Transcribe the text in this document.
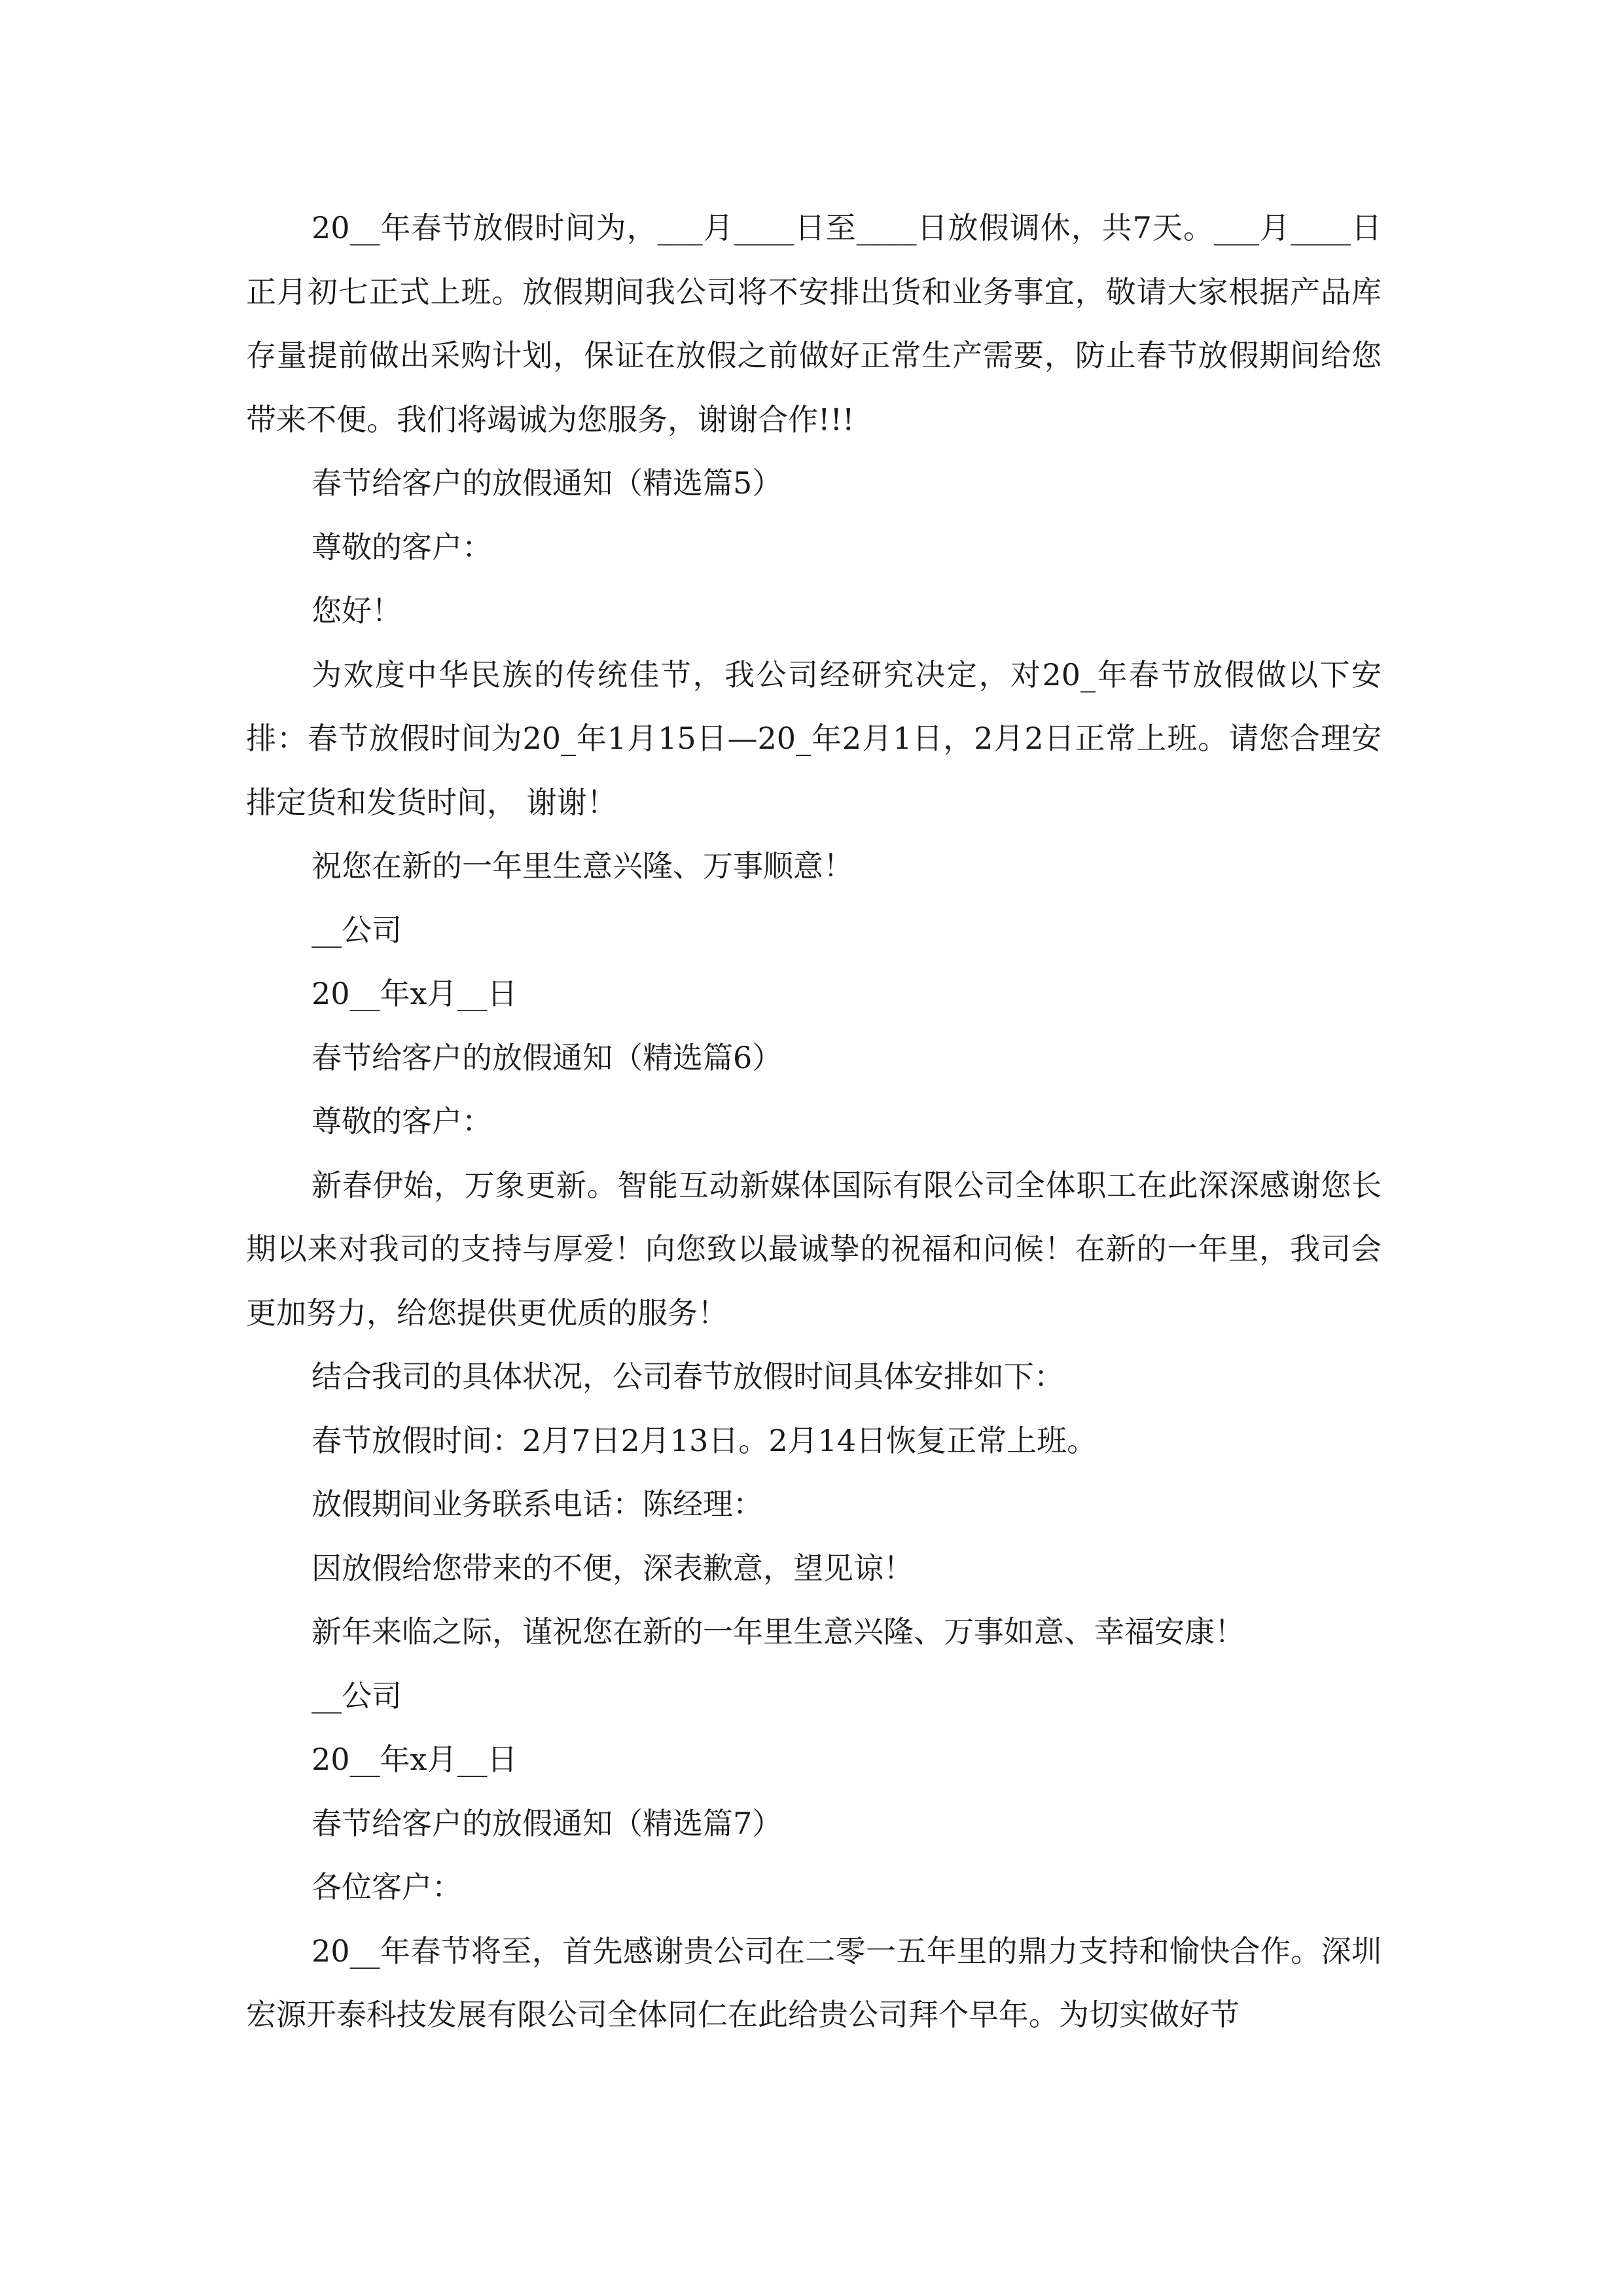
20__年春节放假时间为，___月____日至____日放假调休，共7天。___月____日正月初七正式上班。放假期间我公司将不安排出货和业务事宜，敬请大家根据产品库存量提前做出采购计划，保证在放假之前做好正常生产需要，防止春节放假期间给您带来不便。我们将竭诚为您服务，谢谢合作!!!

春节给客户的放假通知（精选篇5）

尊敬的客户：

您好！

为欢度中华民族的传统佳节，我公司经研究决定，对20_年春节放假做以下安排：春节放假时间为20_年1月15日—20_年2月1日，2月2日正常上班。请您合理安排定货和发货时间， 谢谢！

祝您在新的一年里生意兴隆、万事顺意！

__公司

20__年x月__日

春节给客户的放假通知（精选篇6）

尊敬的客户：

新春伊始，万象更新。智能互动新媒体国际有限公司全体职工在此深深感谢您长期以来对我司的支持与厚爱！向您致以最诚挚的祝福和问候！在新的一年里，我司会更加努力，给您提供更优质的服务！

结合我司的具体状况，公司春节放假时间具体安排如下：

春节放假时间：2月7日2月13日。2月14日恢复正常上班。

放假期间业务联系电话：陈经理：

因放假给您带来的不便，深表歉意，望见谅！

新年来临之际，谨祝您在新的一年里生意兴隆、万事如意、幸福安康！

__公司

20__年x月__日

春节给客户的放假通知（精选篇7）

各位客户：

20__年春节将至，首先感谢贵公司在二零一五年里的鼎力支持和愉快合作。深圳宏源开泰科技发展有限公司全体同仁在此给贵公司拜个早年。为切实做好节
